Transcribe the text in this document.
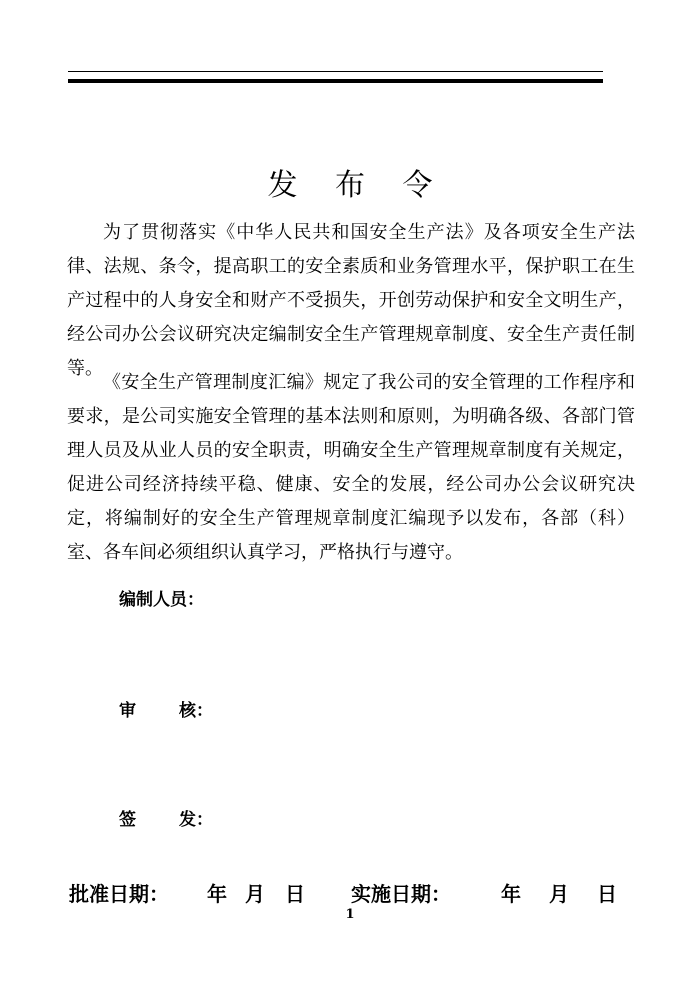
发 布 令

为了贯彻落实《中华人民共和国安全生产法》及各项安全生产法律、法规、条令，提高职工的安全素质和业务管理水平，保护职工在生产过程中的人身安全和财产不受损失，开创劳动保护和安全文明生产，经公司办公会议研究决定编制安全生产管理规章制度、安全生产责任制等。

《安全生产管理制度汇编》规定了我公司的安全管理的工作程序和要求，是公司实施安全管理的基本法则和原则，为明确各级、各部门管理人员及从业人员的安全职责，明确安全生产管理规章制度有关规定，促进公司经济持续平稳、健康、安全的发展，经公司办公会议研究决定，将编制好的安全生产管理规章制度汇编现予以发布，各部（科）室、各车间必须组织认真学习，严格执行与遵守。

编制人员：
审	核：
签	发：
批准日期： 年 月 日 实施日期：	年 月 日
1
